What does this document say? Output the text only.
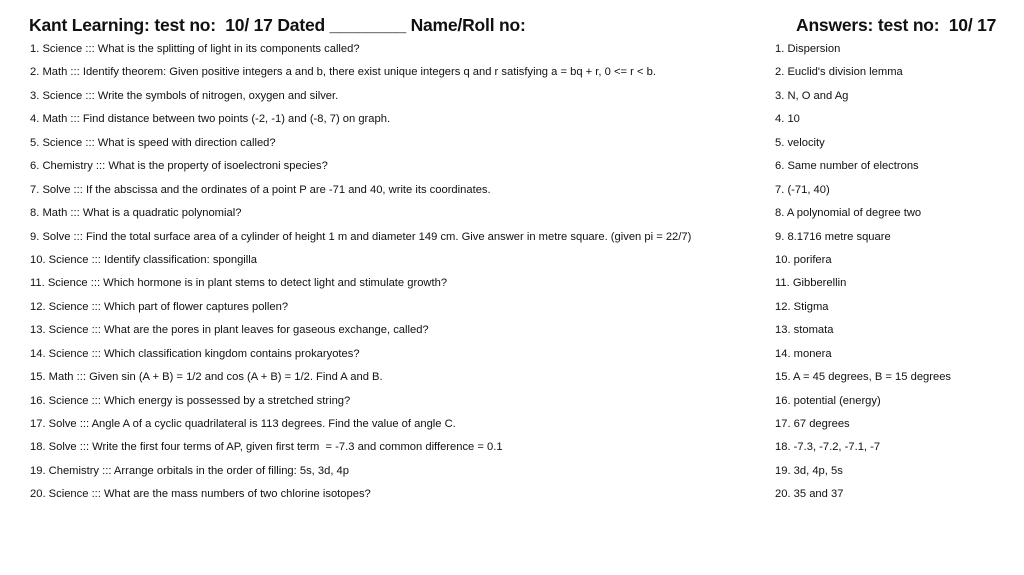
Kant Learning: test no:  10/ 17 Dated ________ Name/Roll no:	Answers: test no:  10/ 17
1. Science ::: What is the splitting of light in its components called?
2. Math ::: Identify theorem: Given positive integers a and b, there exist unique integers q and r satisfying a = bq + r, 0 <= r < b.
3. Science ::: Write the symbols of nitrogen, oxygen and silver.
4. Math ::: Find distance between two points (-2, -1) and (-8, 7) on graph.
5. Science ::: What is speed with direction called?
6. Chemistry ::: What is the property of isoelectroni species?
7. Solve ::: If the abscissa and the ordinates of a point P are -71 and 40, write its coordinates.
8. Math ::: What is a quadratic polynomial?
9. Solve ::: Find the total surface area of a cylinder of height 1 m and diameter 149 cm. Give answer in metre square. (given pi = 22/7)
10. Science ::: Identify classification: spongilla
11. Science ::: Which hormone is in plant stems to detect light and stimulate growth?
12. Science ::: Which part of flower captures pollen?
13. Science ::: What are the pores in plant leaves for gaseous exchange, called?
14. Science ::: Which classification kingdom contains prokaryotes?
15. Math ::: Given sin (A + B) = 1/2 and cos (A + B) = 1/2. Find A and B.
16. Science ::: Which energy is possessed by a stretched string?
17. Solve ::: Angle A of a cyclic quadrilateral is 113 degrees. Find the value of angle C.
18. Solve ::: Write the first four terms of AP, given first term  = -7.3 and common difference = 0.1
19. Chemistry ::: Arrange orbitals in the order of filling: 5s, 3d, 4p
20. Science ::: What are the mass numbers of two chlorine isotopes?
1. Dispersion
2. Euclid's division lemma
3. N, O and Ag
4. 10
5. velocity
6. Same number of electrons
7. (-71, 40)
8. A polynomial of degree two
9. 8.1716 metre square
10. porifera
11. Gibberellin
12. Stigma
13. stomata
14. monera
15. A = 45 degrees, B = 15 degrees
16. potential (energy)
17. 67 degrees
18. -7.3, -7.2, -7.1, -7
19. 3d, 4p, 5s
20. 35 and 37
